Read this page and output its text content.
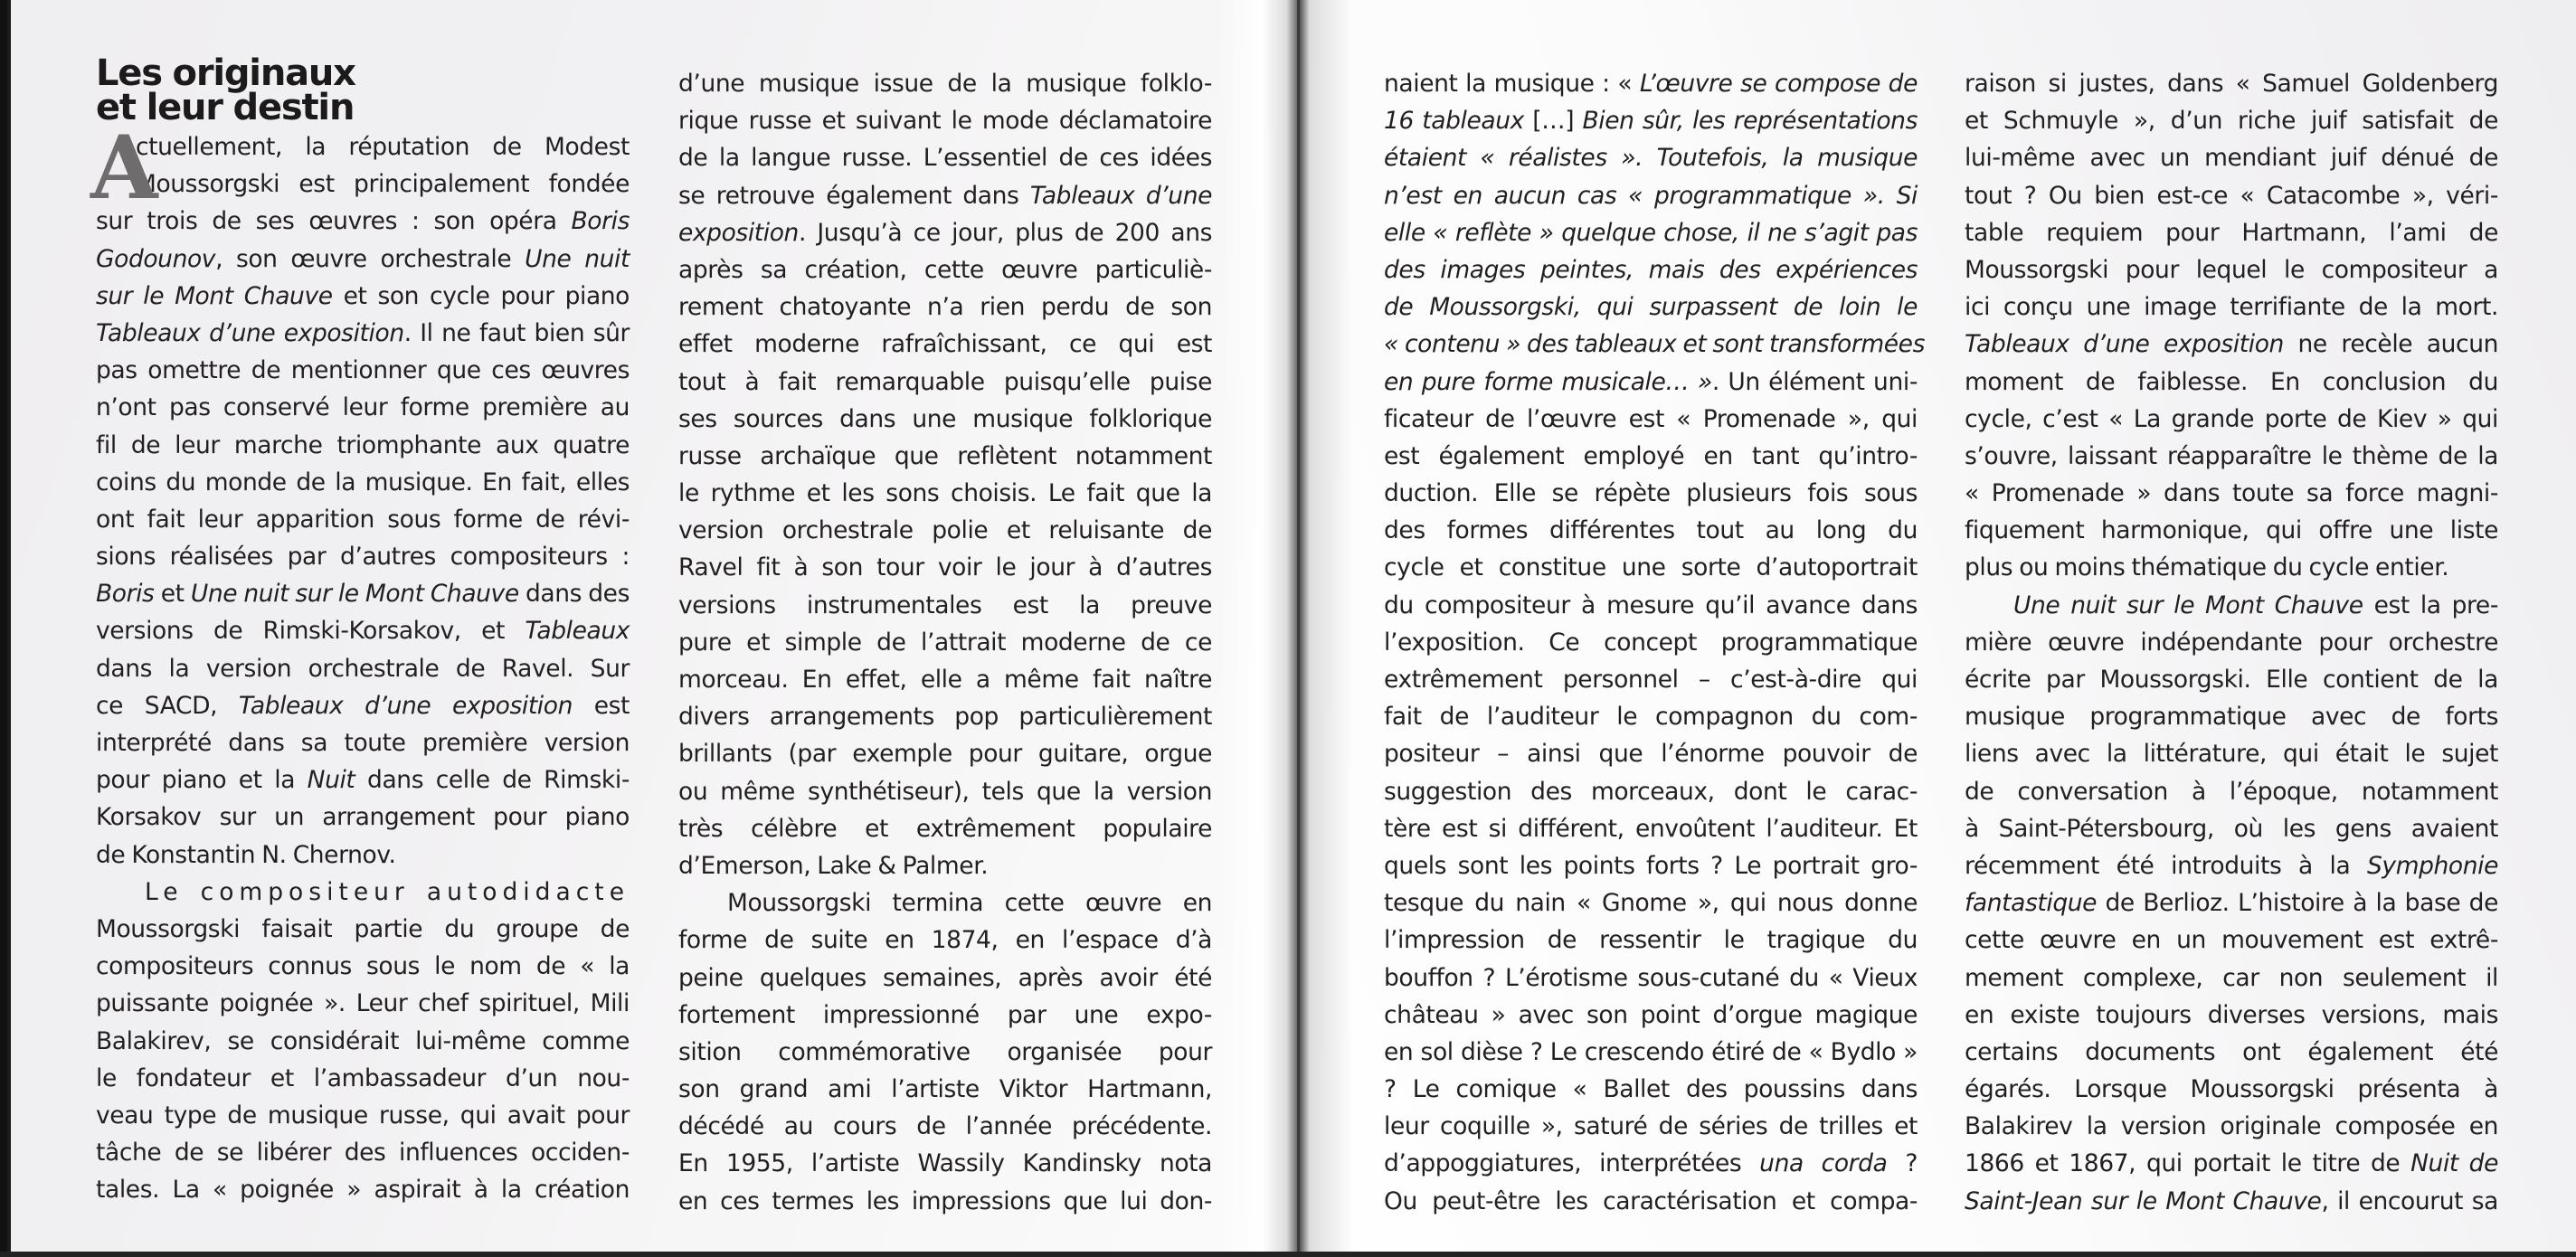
Les originaux
et leur destin
A
ctuellement, la réputation de Modest
Moussorgski est principalement fondée
sur trois de ses œuvres : son opéra Boris
Godounov, son œuvre orchestrale Une nuit
sur le Mont Chauve et son cycle pour piano
Tableaux d’une exposition. Il ne faut bien sûr
pas omettre de mentionner que ces œuvres
n’ont pas conservé leur forme première au
fil de leur marche triomphante aux quatre
coins du monde de la musique. En fait, elles
ont fait leur apparition sous forme de révi-
sions réalisées par d’autres compositeurs :
Boris et Une nuit sur le Mont Chauve dans des
versions de Rimski-Korsakov, et Tableaux
dans la version orchestrale de Ravel. Sur
ce SACD, Tableaux d’une exposition est
interprété dans sa toute première version
pour piano et la Nuit dans celle de Rimski-
Korsakov sur un arrangement pour piano
de Konstantin N. Chernov.
Le compositeur autodidacte
Moussorgski faisait partie du groupe de
compositeurs connus sous le nom de « la
puissante poignée ». Leur chef spirituel, Mili
Balakirev, se considérait lui-même comme
le fondateur et l’ambassadeur d’un nou-
veau type de musique russe, qui avait pour
tâche de se libérer des influences occiden-
tales. La « poignée » aspirait à la création
d’une musique issue de la musique folklo-
rique russe et suivant le mode déclamatoire
de la langue russe. L’essentiel de ces idées
se retrouve également dans Tableaux d’une
exposition. Jusqu’à ce jour, plus de 200 ans
après sa création, cette œuvre particuliè-
rement chatoyante n’a rien perdu de son
effet moderne rafraîchissant, ce qui est
tout à fait remarquable puisqu’elle puise
ses sources dans une musique folklorique
russe archaïque que reflètent notamment
le rythme et les sons choisis. Le fait que la
version orchestrale polie et reluisante de
Ravel fit à son tour voir le jour à d’autres
versions instrumentales est la preuve
pure et simple de l’attrait moderne de ce
morceau. En effet, elle a même fait naître
divers arrangements pop particulièrement
brillants (par exemple pour guitare, orgue
ou même synthétiseur), tels que la version
très célèbre et extrêmement populaire
d’Emerson, Lake & Palmer.
Moussorgski termina cette œuvre en
forme de suite en 1874, en l’espace d’à
peine quelques semaines, après avoir été
fortement impressionné par une expo-
sition commémorative organisée pour
son grand ami l’artiste Viktor Hartmann,
décédé au cours de l’année précédente.
En 1955, l’artiste Wassily Kandinsky nota
en ces termes les impressions que lui don-
naient la musique : « L’œuvre se compose de
16 tableaux […] Bien sûr, les représentations
étaient « réalistes ». Toutefois, la musique
n’est en aucun cas « programmatique ». Si
elle « reflète » quelque chose, il ne s’agit pas
des images peintes, mais des expériences
de Moussorgski, qui surpassent de loin le
« contenu » des tableaux et sont transformées
en pure forme musicale… ». Un élément uni-
ficateur de l’œuvre est « Promenade », qui
est également employé en tant qu’intro-
duction. Elle se répète plusieurs fois sous
des formes différentes tout au long du
cycle et constitue une sorte d’autoportrait
du compositeur à mesure qu’il avance dans
l’exposition. Ce concept programmatique
extrêmement personnel – c’est-à-dire qui
fait de l’auditeur le compagnon du com-
positeur – ainsi que l’énorme pouvoir de
suggestion des morceaux, dont le carac-
tère est si différent, envoûtent l’auditeur. Et
quels sont les points forts ? Le portrait gro-
tesque du nain « Gnome », qui nous donne
l’impression de ressentir le tragique du
bouffon ? L’érotisme sous-cutané du « Vieux
château » avec son point d’orgue magique
en sol dièse ? Le crescendo étiré de « Bydlo »
? Le comique « Ballet des poussins dans
leur coquille », saturé de séries de trilles et
d’appoggiatures, interprétées una corda ?
Ou peut-être les caractérisation et compa-
raison si justes, dans « Samuel Goldenberg
et Schmuyle », d’un riche juif satisfait de
lui-même avec un mendiant juif dénué de
tout ? Ou bien est-ce « Catacombe », véri-
table requiem pour Hartmann, l’ami de
Moussorgski pour lequel le compositeur a
ici conçu une image terrifiante de la mort.
Tableaux d’une exposition ne recèle aucun
moment de faiblesse. En conclusion du
cycle, c’est « La grande porte de Kiev » qui
s’ouvre, laissant réapparaître le thème de la
« Promenade » dans toute sa force magni-
fiquement harmonique, qui offre une liste
plus ou moins thématique du cycle entier.
Une nuit sur le Mont Chauve est la pre-
mière œuvre indépendante pour orchestre
écrite par Moussorgski. Elle contient de la
musique programmatique avec de forts
liens avec la littérature, qui était le sujet
de conversation à l’époque, notamment
à Saint-Pétersbourg, où les gens avaient
récemment été introduits à la Symphonie
fantastique de Berlioz. L’histoire à la base de
cette œuvre en un mouvement est extrê-
mement complexe, car non seulement il
en existe toujours diverses versions, mais
certains documents ont également été
égarés. Lorsque Moussorgski présenta à
Balakirev la version originale composée en
1866 et 1867, qui portait le titre de Nuit de
Saint-Jean sur le Mont Chauve, il encourut sa
